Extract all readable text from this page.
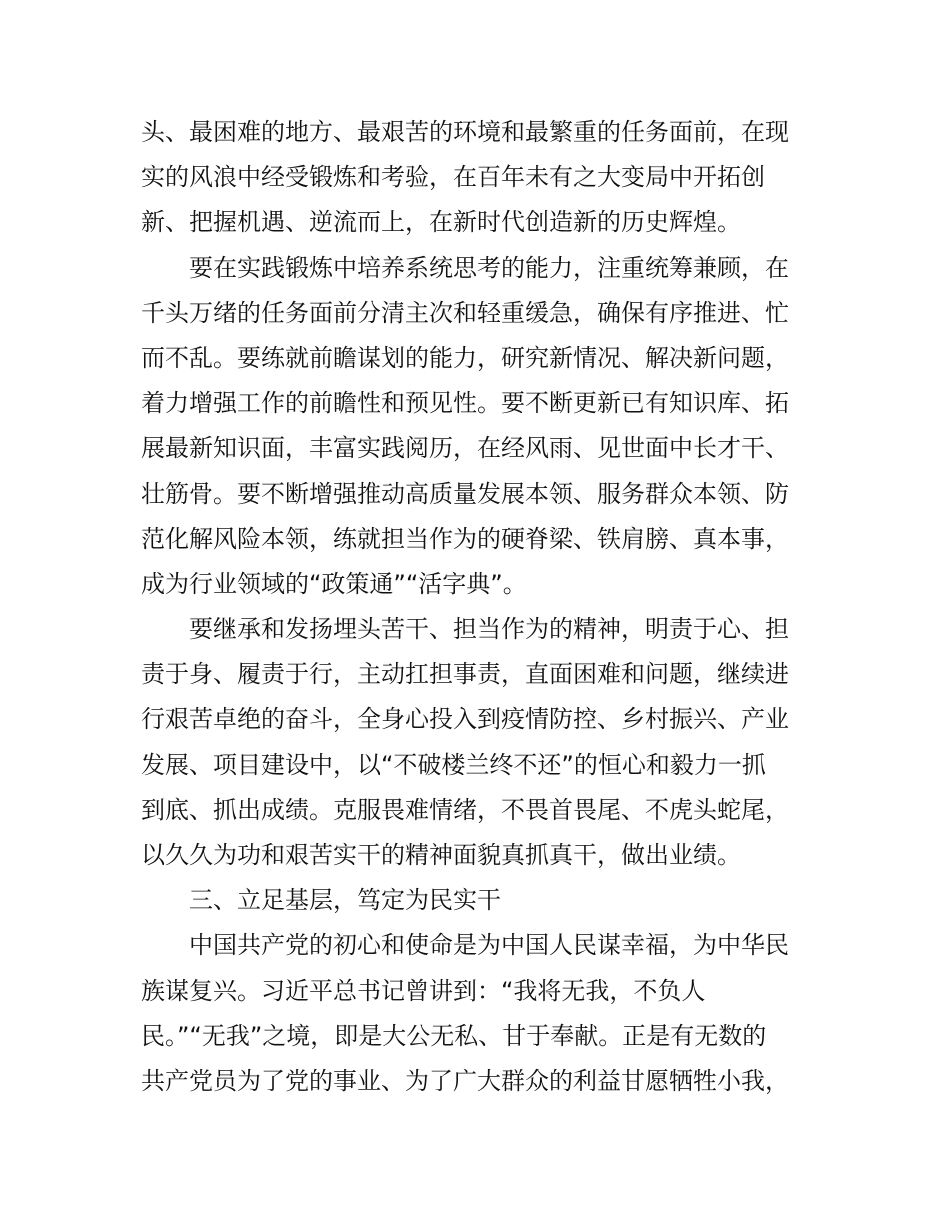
头、最困难的地方、最艰苦的环境和最繁重的任务面前，在现
实的风浪中经受锻炼和考验，在百年未有之大变局中开拓创
新、把握机遇、逆流而上，在新时代创造新的历史辉煌。
要在实践锻炼中培养系统思考的能力，注重统筹兼顾，在
千头万绪的任务面前分清主次和轻重缓急，确保有序推进、忙
而不乱。要练就前瞻谋划的能力，研究新情况、解决新问题，
着力增强工作的前瞻性和预见性。要不断更新已有知识库、拓
展最新知识面，丰富实践阅历，在经风雨、见世面中长才干、
壮筋骨。要不断增强推动高质量发展本领、服务群众本领、防
范化解风险本领，练就担当作为的硬脊梁、铁肩膀、真本事，
成为行业领域的“政策通”“活字典”。
要继承和发扬埋头苦干、担当作为的精神，明责于心、担
责于身、履责于行，主动扛担事责，直面困难和问题，继续进
行艰苦卓绝的奋斗，全身心投入到疫情防控、乡村振兴、产业
发展、项目建设中，以“不破楼兰终不还”的恒心和毅力一抓
到底、抓出成绩。克服畏难情绪，不畏首畏尾、不虎头蛇尾，
以久久为功和艰苦实干的精神面貌真抓真干，做出业绩。
三、立足基层，笃定为民实干
中国共产党的初心和使命是为中国人民谋幸福，为中华民
族谋复兴。习近平总书记曾讲到：“我将无我，不负人
民。”“无我”之境，即是大公无私、甘于奉献。正是有无数的
共产党员为了党的事业、为了广大群众的利益甘愿牺牲小我，
